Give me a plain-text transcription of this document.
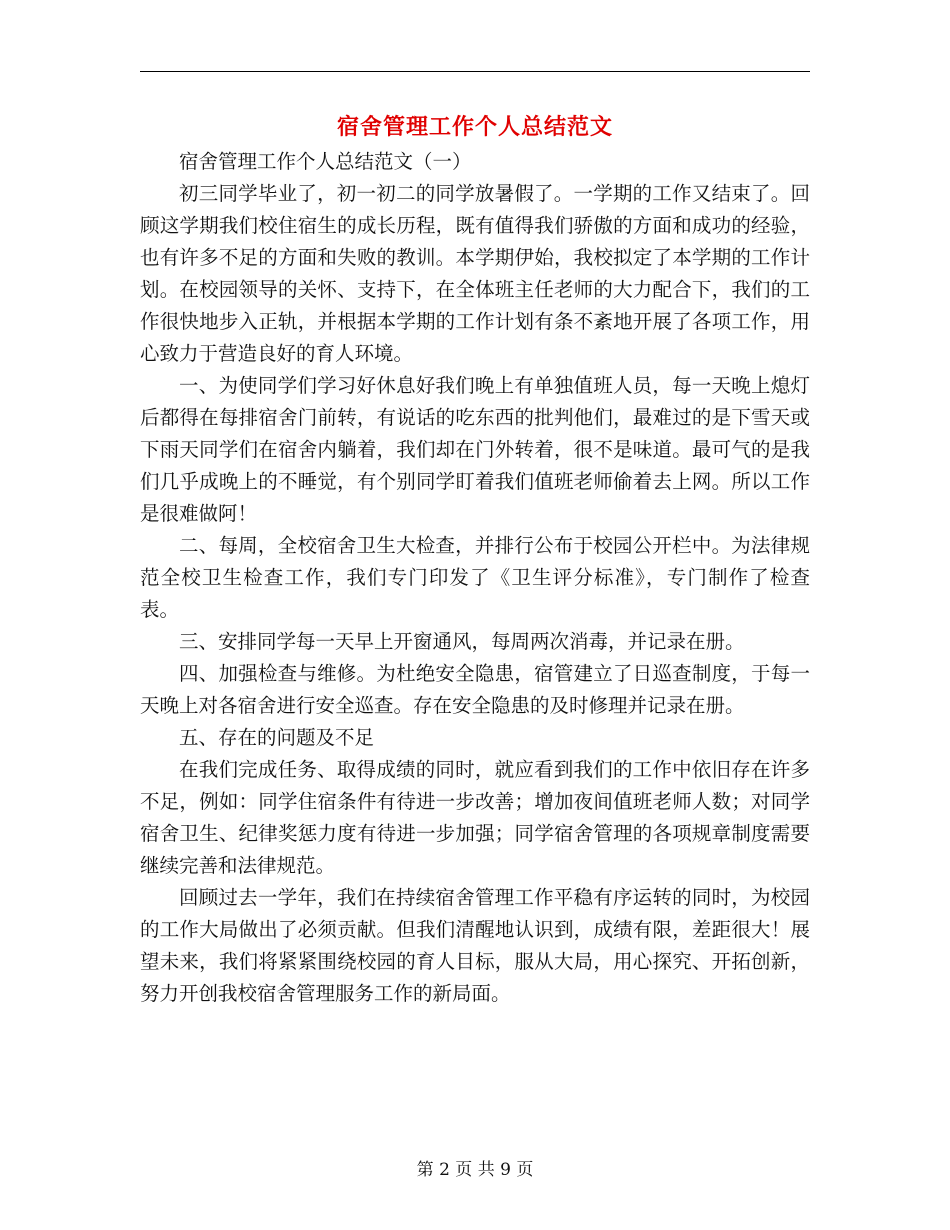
宿舍管理工作个人总结范文

宿舍管理工作个人总结范文（一）

初三同学毕业了，初一初二的同学放暑假了。一学期的工作又结束了。回顾这学期我们校住宿生的成长历程，既有值得我们骄傲的方面和成功的经验，也有许多不足的方面和失败的教训。本学期伊始，我校拟定了本学期的工作计划。在校园领导的关怀、支持下，在全体班主任老师的大力配合下，我们的工作很快地步入正轨，并根据本学期的工作计划有条不紊地开展了各项工作，用心致力于营造良好的育人环境。

一、为使同学们学习好休息好我们晚上有单独值班人员，每一天晚上熄灯后都得在每排宿舍门前转，有说话的吃东西的批判他们，最难过的是下雪天或下雨天同学们在宿舍内躺着，我们却在门外转着，很不是味道。最可气的是我们几乎成晚上的不睡觉，有个别同学盯着我们值班老师偷着去上网。所以工作是很难做阿！

二、每周，全校宿舍卫生大检查，并排行公布于校园公开栏中。为法律规范全校卫生检查工作，我们专门印发了《卫生评分标准》，专门制作了检查表。

三、安排同学每一天早上开窗通风，每周两次消毒，并记录在册。

四、加强检查与维修。为杜绝安全隐患，宿管建立了日巡查制度，于每一天晚上对各宿舍进行安全巡查。存在安全隐患的及时修理并记录在册。

五、存在的问题及不足

在我们完成任务、取得成绩的同时，就应看到我们的工作中依旧存在许多不足，例如：同学住宿条件有待进一步改善；增加夜间值班老师人数；对同学宿舍卫生、纪律奖惩力度有待进一步加强；同学宿舍管理的各项规章制度需要继续完善和法律规范。

回顾过去一学年，我们在持续宿舍管理工作平稳有序运转的同时，为校园的工作大局做出了必须贡献。但我们清醒地认识到，成绩有限，差距很大！展望未来，我们将紧紧围绕校园的育人目标，服从大局，用心探究、开拓创新，努力开创我校宿舍管理服务工作的新局面。

第 2 页 共 9 页
